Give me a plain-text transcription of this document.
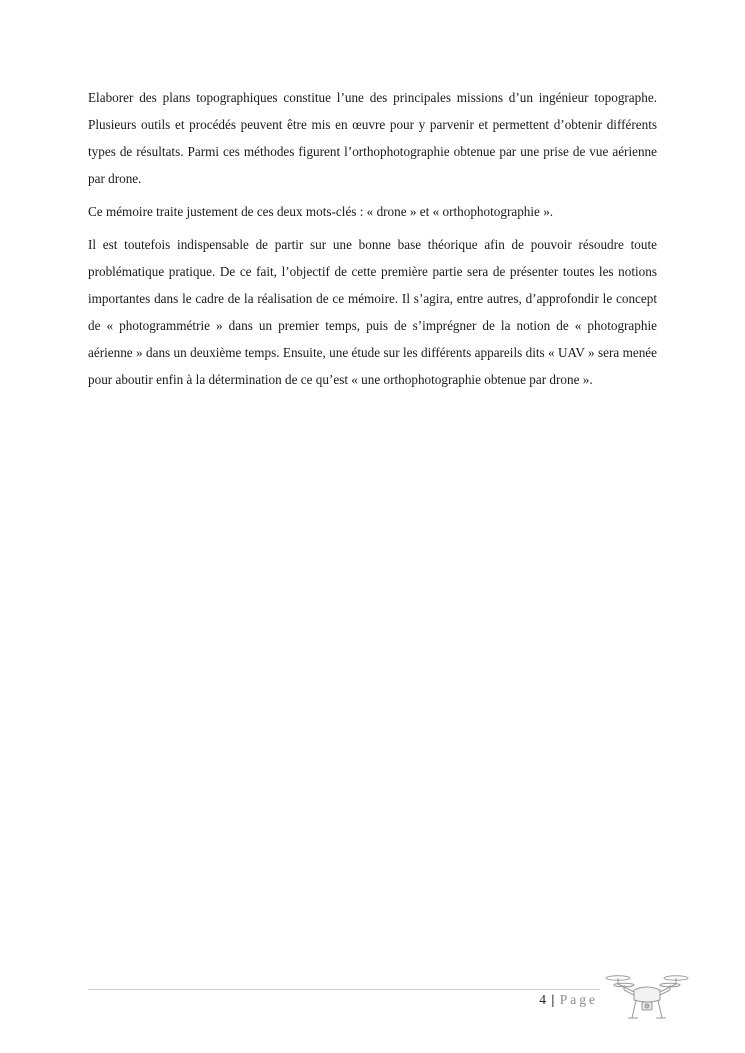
Elaborer des plans topographiques constitue l’une des principales missions d’un ingénieur topographe. Plusieurs outils et procédés peuvent être mis en œuvre pour y parvenir et permettent d’obtenir différents types de résultats. Parmi ces méthodes figurent l’orthophotographie obtenue par une prise de vue aérienne par drone.

Ce mémoire traite justement de ces deux mots-clés : « drone » et « orthophotographie ».

Il est toutefois indispensable de partir sur une bonne base théorique afin de pouvoir résoudre toute problématique pratique. De ce fait, l’objectif de cette première partie sera de présenter toutes les notions importantes dans le cadre de la réalisation de ce mémoire. Il s’agira, entre autres, d’approfondir le concept de « photogrammétrie » dans un premier temps, puis de s’imprégner de la notion de « photographie aérienne » dans un deuxième temps. Ensuite, une étude sur les différents appareils dits « UAV » sera menée pour aboutir enfin à la détermination de ce qu’est « une orthophotographie obtenue par drone ».

4 | Page
